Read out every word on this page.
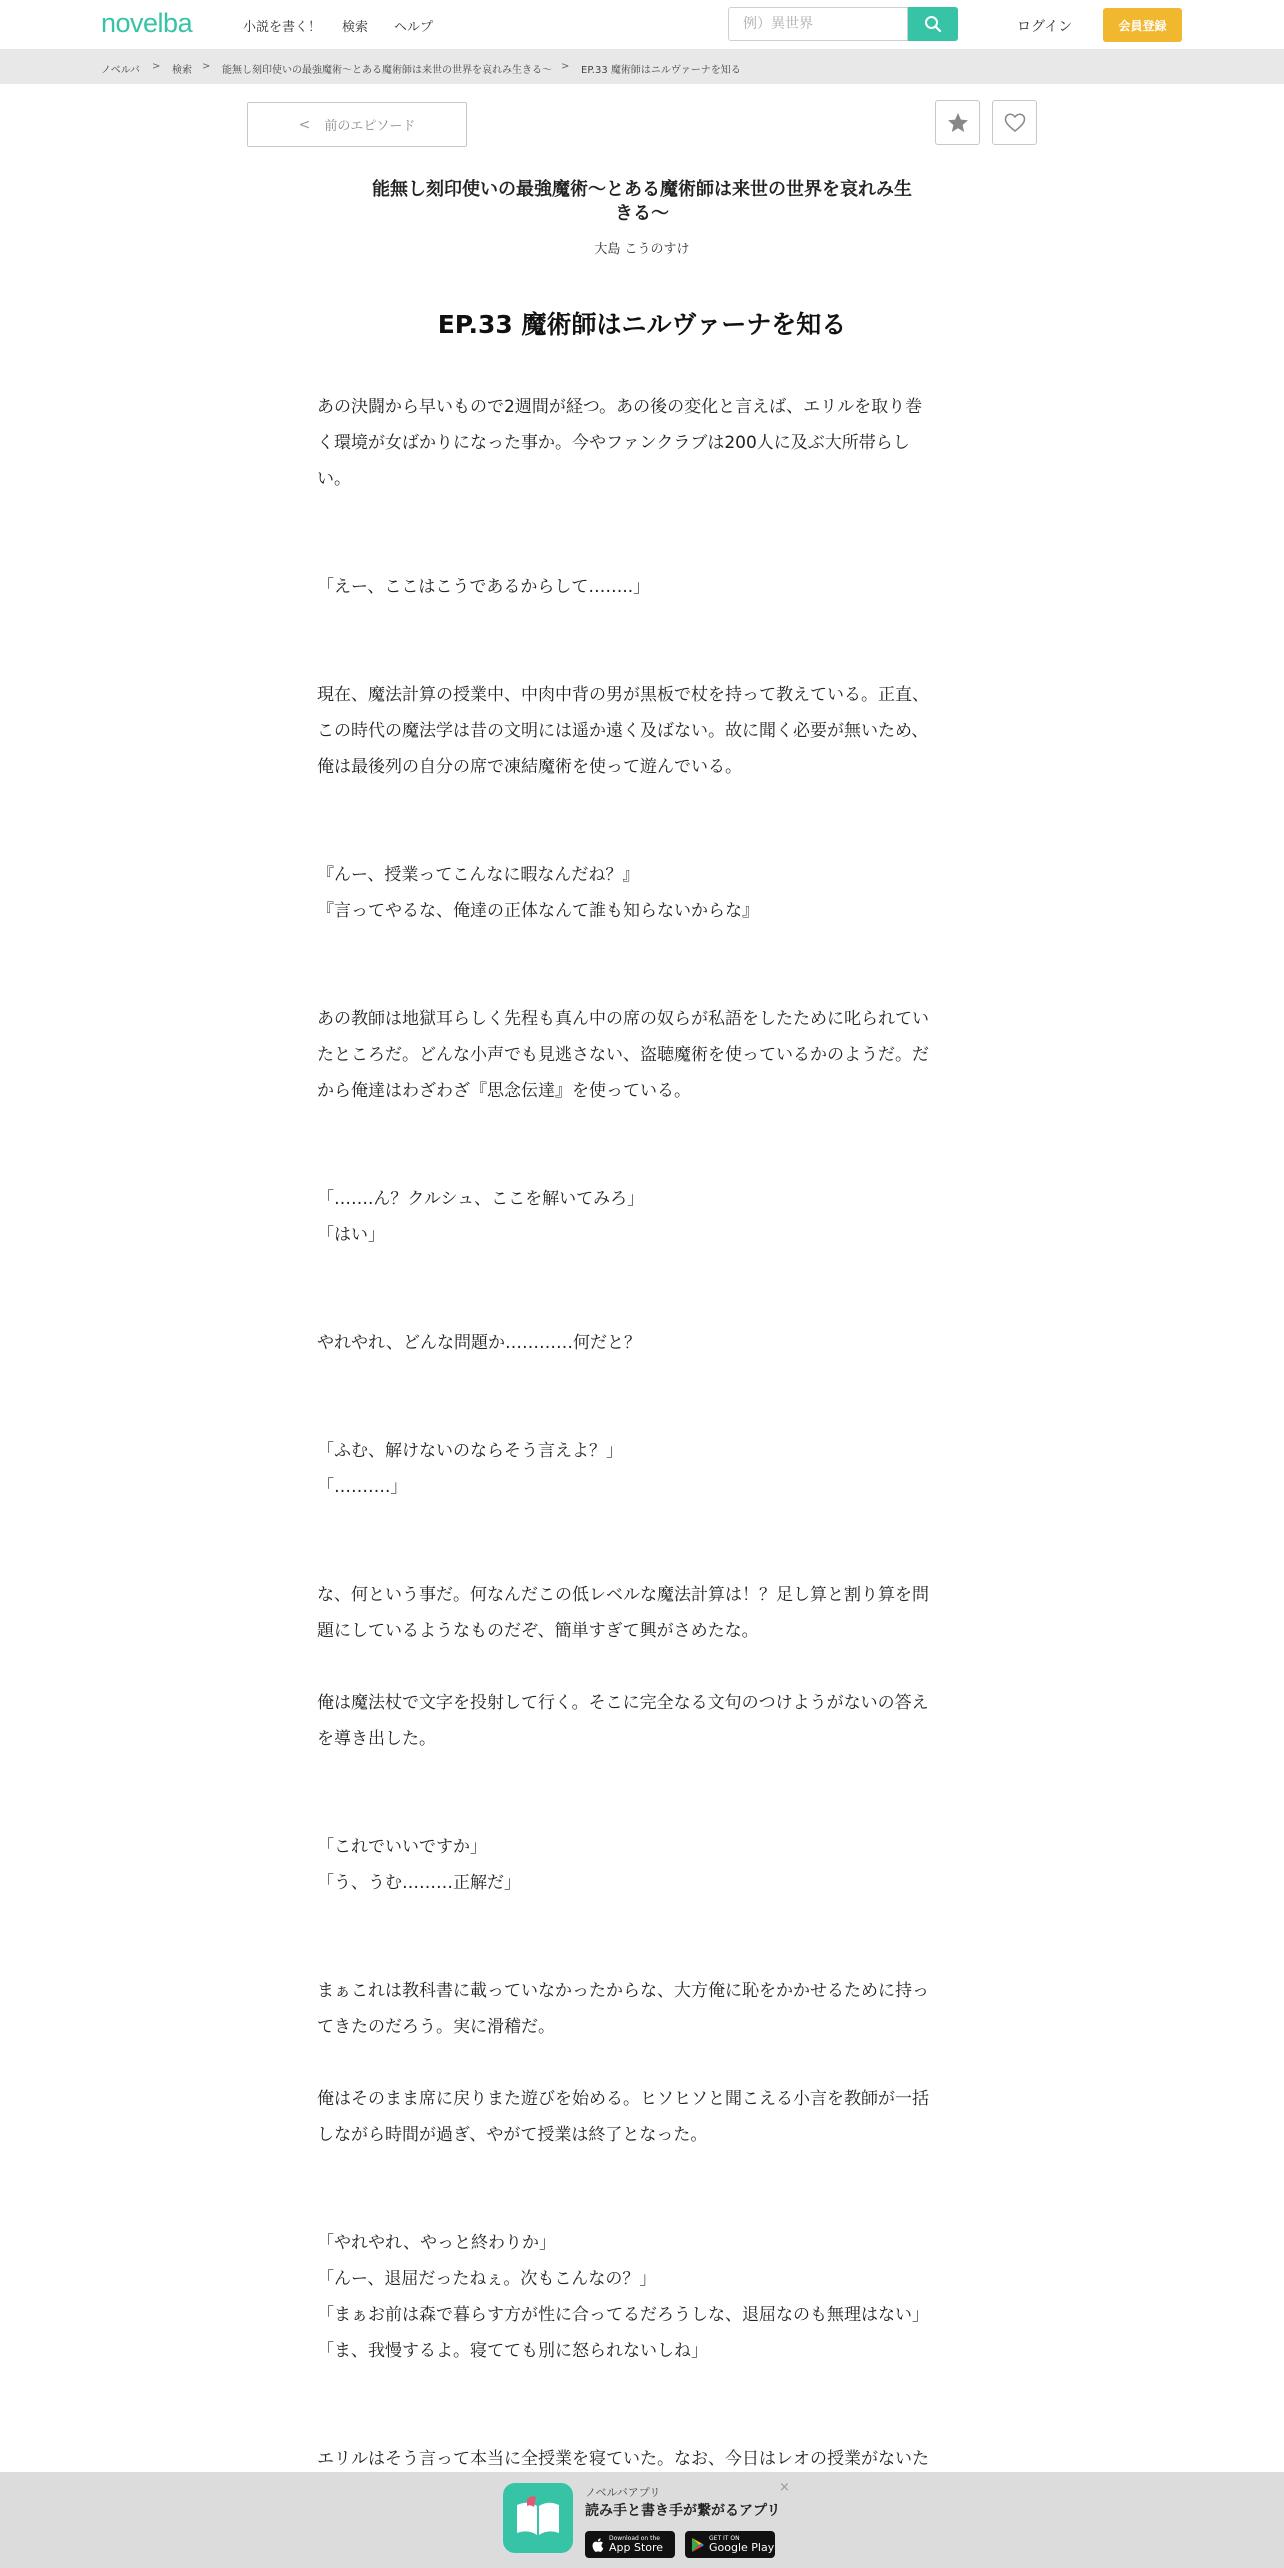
novelba	小説を書く！ 検索 ヘルプ
例）異世界	ログイン	会員登録
ノベルバ > 検索 > 能無し刻印使いの最強魔術〜とある魔術師は来世の世界を哀れみ生きる〜 > EP.33 魔術師はニルヴァーナを知る
< 前のエピソード
能無し刻印使いの最強魔術〜とある魔術師は来世の世界を哀れみ生
きる〜
大島 こうのすけ
EP.33 魔術師はニルヴァーナを知る
あの決闘から早いもので2週間が経つ。あの後の変化と言えば、エリルを取り巻
く環境が女ばかりになった事か。今やファンクラブは200人に及ぶ大所帯らし
い。
「えー、ここはこうであるからして……..」
現在、魔法計算の授業中、中肉中背の男が黒板で杖を持って教えている。正直、
この時代の魔法学は昔の文明には遥か遠く及ばない。故に聞く必要が無いため、
俺は最後列の自分の席で凍結魔術を使って遊んでいる。
『んー、授業ってこんなに暇なんだね？』
『言ってやるな、俺達の正体なんて誰も知らないからな』
あの教師は地獄耳らしく先程も真ん中の席の奴らが私語をしたために叱られてい
たところだ。どんな小声でも見逃さない、盗聴魔術を使っているかのようだ。だ
から俺達はわざわざ『思念伝達』を使っている。
「…….ん？クルシュ、ここを解いてみろ」
「はい」
やれやれ、どんな問題か…………何だと？
「ふむ、解けないのならそう言えよ？」
「……….」
な、何という事だ。何なんだこの低レベルな魔法計算は！？足し算と割り算を問
題にしているようなものだぞ、簡単すぎて興がさめたな。
俺は魔法杖で文字を投射して行く。そこに完全なる文句のつけようがないの答え
を導き出した。
「これでいいですか」
「う、うむ………正解だ」
まぁこれは教科書に載っていなかったからな、大方俺に恥をかかせるために持っ
てきたのだろう。実に滑稽だ。
俺はそのまま席に戻りまた遊びを始める。ヒソヒソと聞こえる小言を教師が一括
しながら時間が過ぎ、やがて授業は終了となった。
「やれやれ、やっと終わりか」
「んー、退屈だったねぇ。次もこんなの？」
「まぁお前は森で暮らす方が性に合ってるだろうしな、退屈なのも無理はない」
「ま、我慢するよ。寝てても別に怒られないしね」
エリルはそう言って本当に全授業を寝ていた。なお、今日はレオの授業がないた
ノベルバアプリ
読み手と書き手が繋がるアプリ
×
Download on the
App Store
GET IT ON
Google Play
